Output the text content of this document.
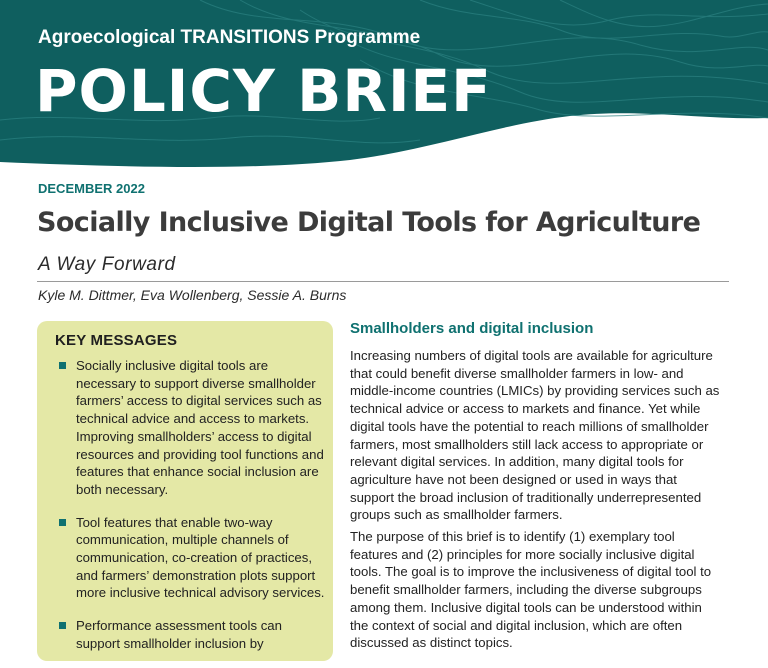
Agroecological TRANSITIONS Programme
POLICY BRIEF
DECEMBER 2022
Socially Inclusive Digital Tools for Agriculture
A Way Forward
Kyle M. Dittmer, Eva Wollenberg, Sessie A. Burns
KEY MESSAGES
Socially inclusive digital tools are necessary to support diverse smallholder farmers’ access to digital services such as technical advice and access to markets. Improving smallholders’ access to digital resources and providing tool functions and features that enhance social inclusion are both necessary.
Tool features that enable two-way communication, multiple channels of communication, co-creation of practices, and farmers’ demonstration plots support more inclusive technical advisory services.
Performance assessment tools can support smallholder inclusion by
Smallholders and digital inclusion

Increasing numbers of digital tools are available for agriculture that could benefit diverse smallholder farmers in low- and middle-income countries (LMICs) by providing services such as technical advice or access to markets and finance. Yet while digital tools have the potential to reach millions of smallholder farmers, most smallholders still lack access to appropriate or relevant digital services. In addition, many digital tools for agriculture have not been designed or used in ways that support the broad inclusion of traditionally underrepresented groups such as smallholder farmers.

The purpose of this brief is to identify (1) exemplary tool features and (2) principles for more socially inclusive digital tools. The goal is to improve the inclusiveness of digital tool to benefit smallholder farmers, including the diverse subgroups among them. Inclusive digital tools can be understood within the context of social and digital inclusion, which are often discussed as distinct topics.
